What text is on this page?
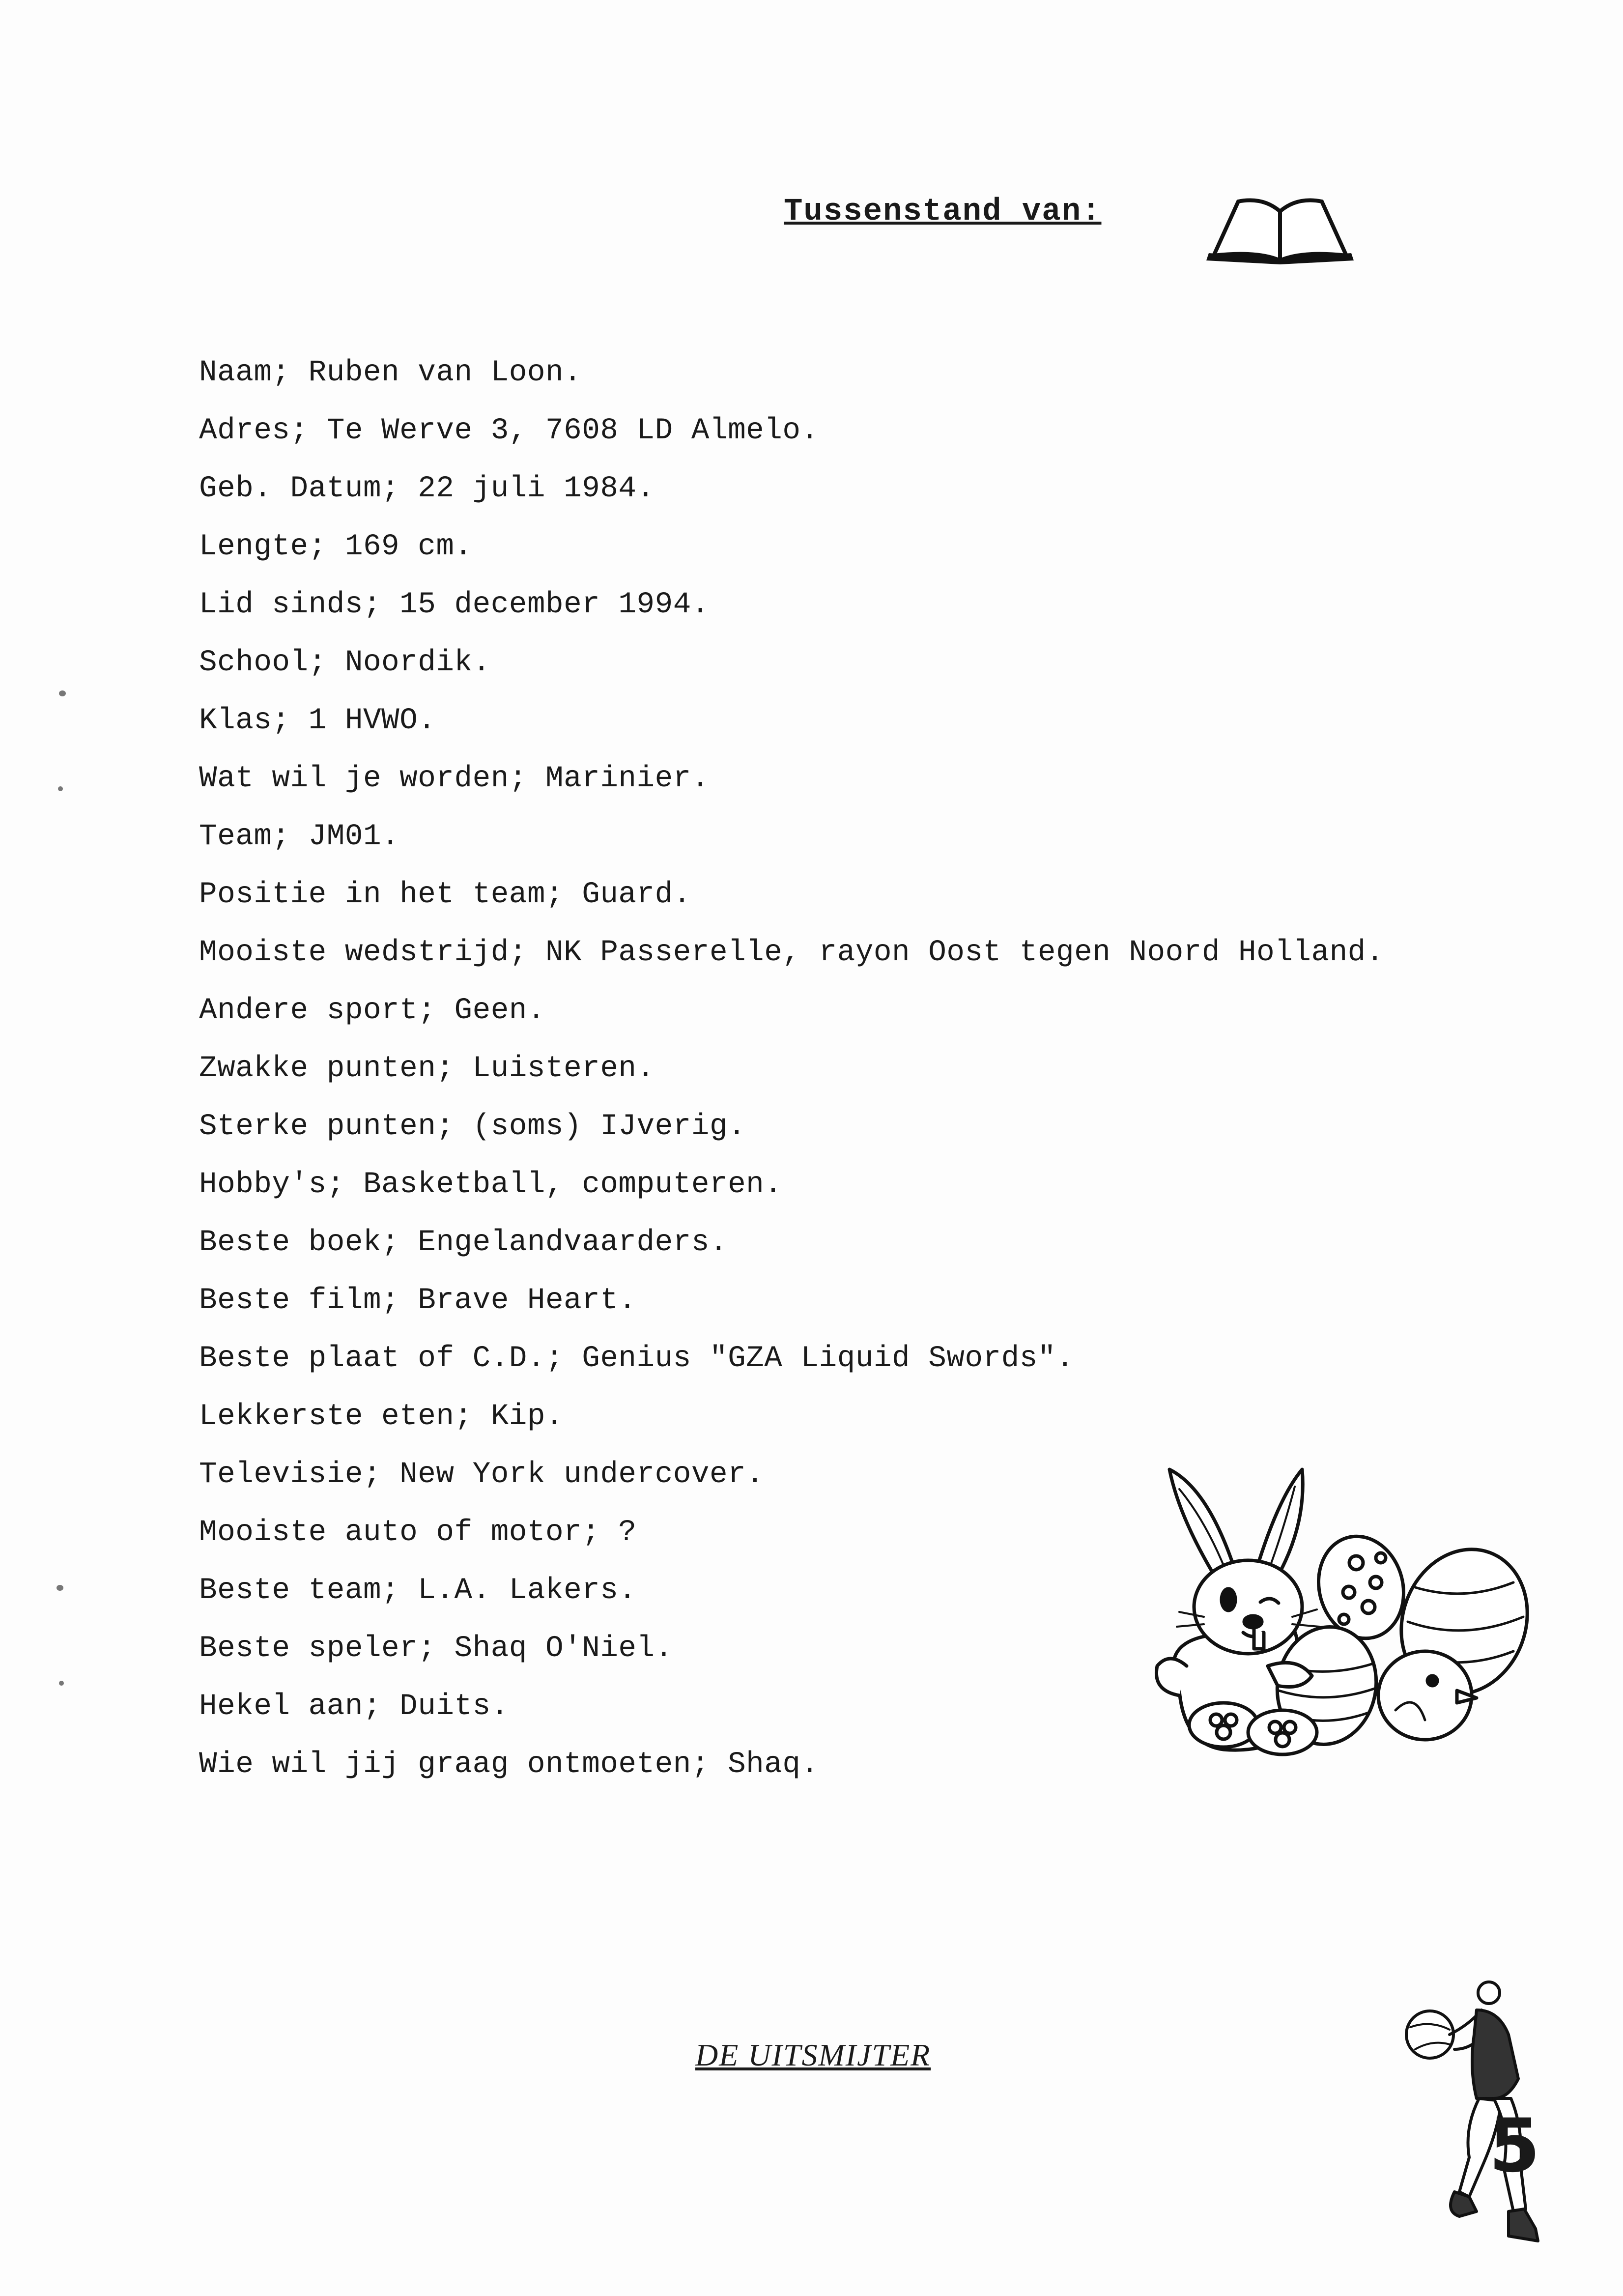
Tussenstand van:
Naam; Ruben van Loon.
Adres; Te Werve 3, 7608 LD Almelo.
Geb. Datum; 22 juli 1984.
Lengte; 169 cm.
Lid sinds; 15 december 1994.
School; Noordik.
Klas; 1 HVWO.
Wat wil je worden; Marinier.
Team; JM01.
Positie in het team; Guard.
Mooiste wedstrijd; NK Passerelle, rayon Oost tegen Noord Holland.
Andere sport; Geen.
Zwakke punten; Luisteren.
Sterke punten; (soms) IJverig.
Hobby's; Basketball, computeren.
Beste boek; Engelandvaarders.
Beste film; Brave Heart.
Beste plaat of C.D.; Genius "GZA Liquid Swords".
Lekkerste eten; Kip.
Televisie; New York undercover.
Mooiste auto of motor; ?
Beste team; L.A. Lakers.
Beste speler; Shaq O'Niel.
Hekel aan; Duits.
Wie wil jij graag ontmoeten; Shaq.
DE UITSMIJTER
5
